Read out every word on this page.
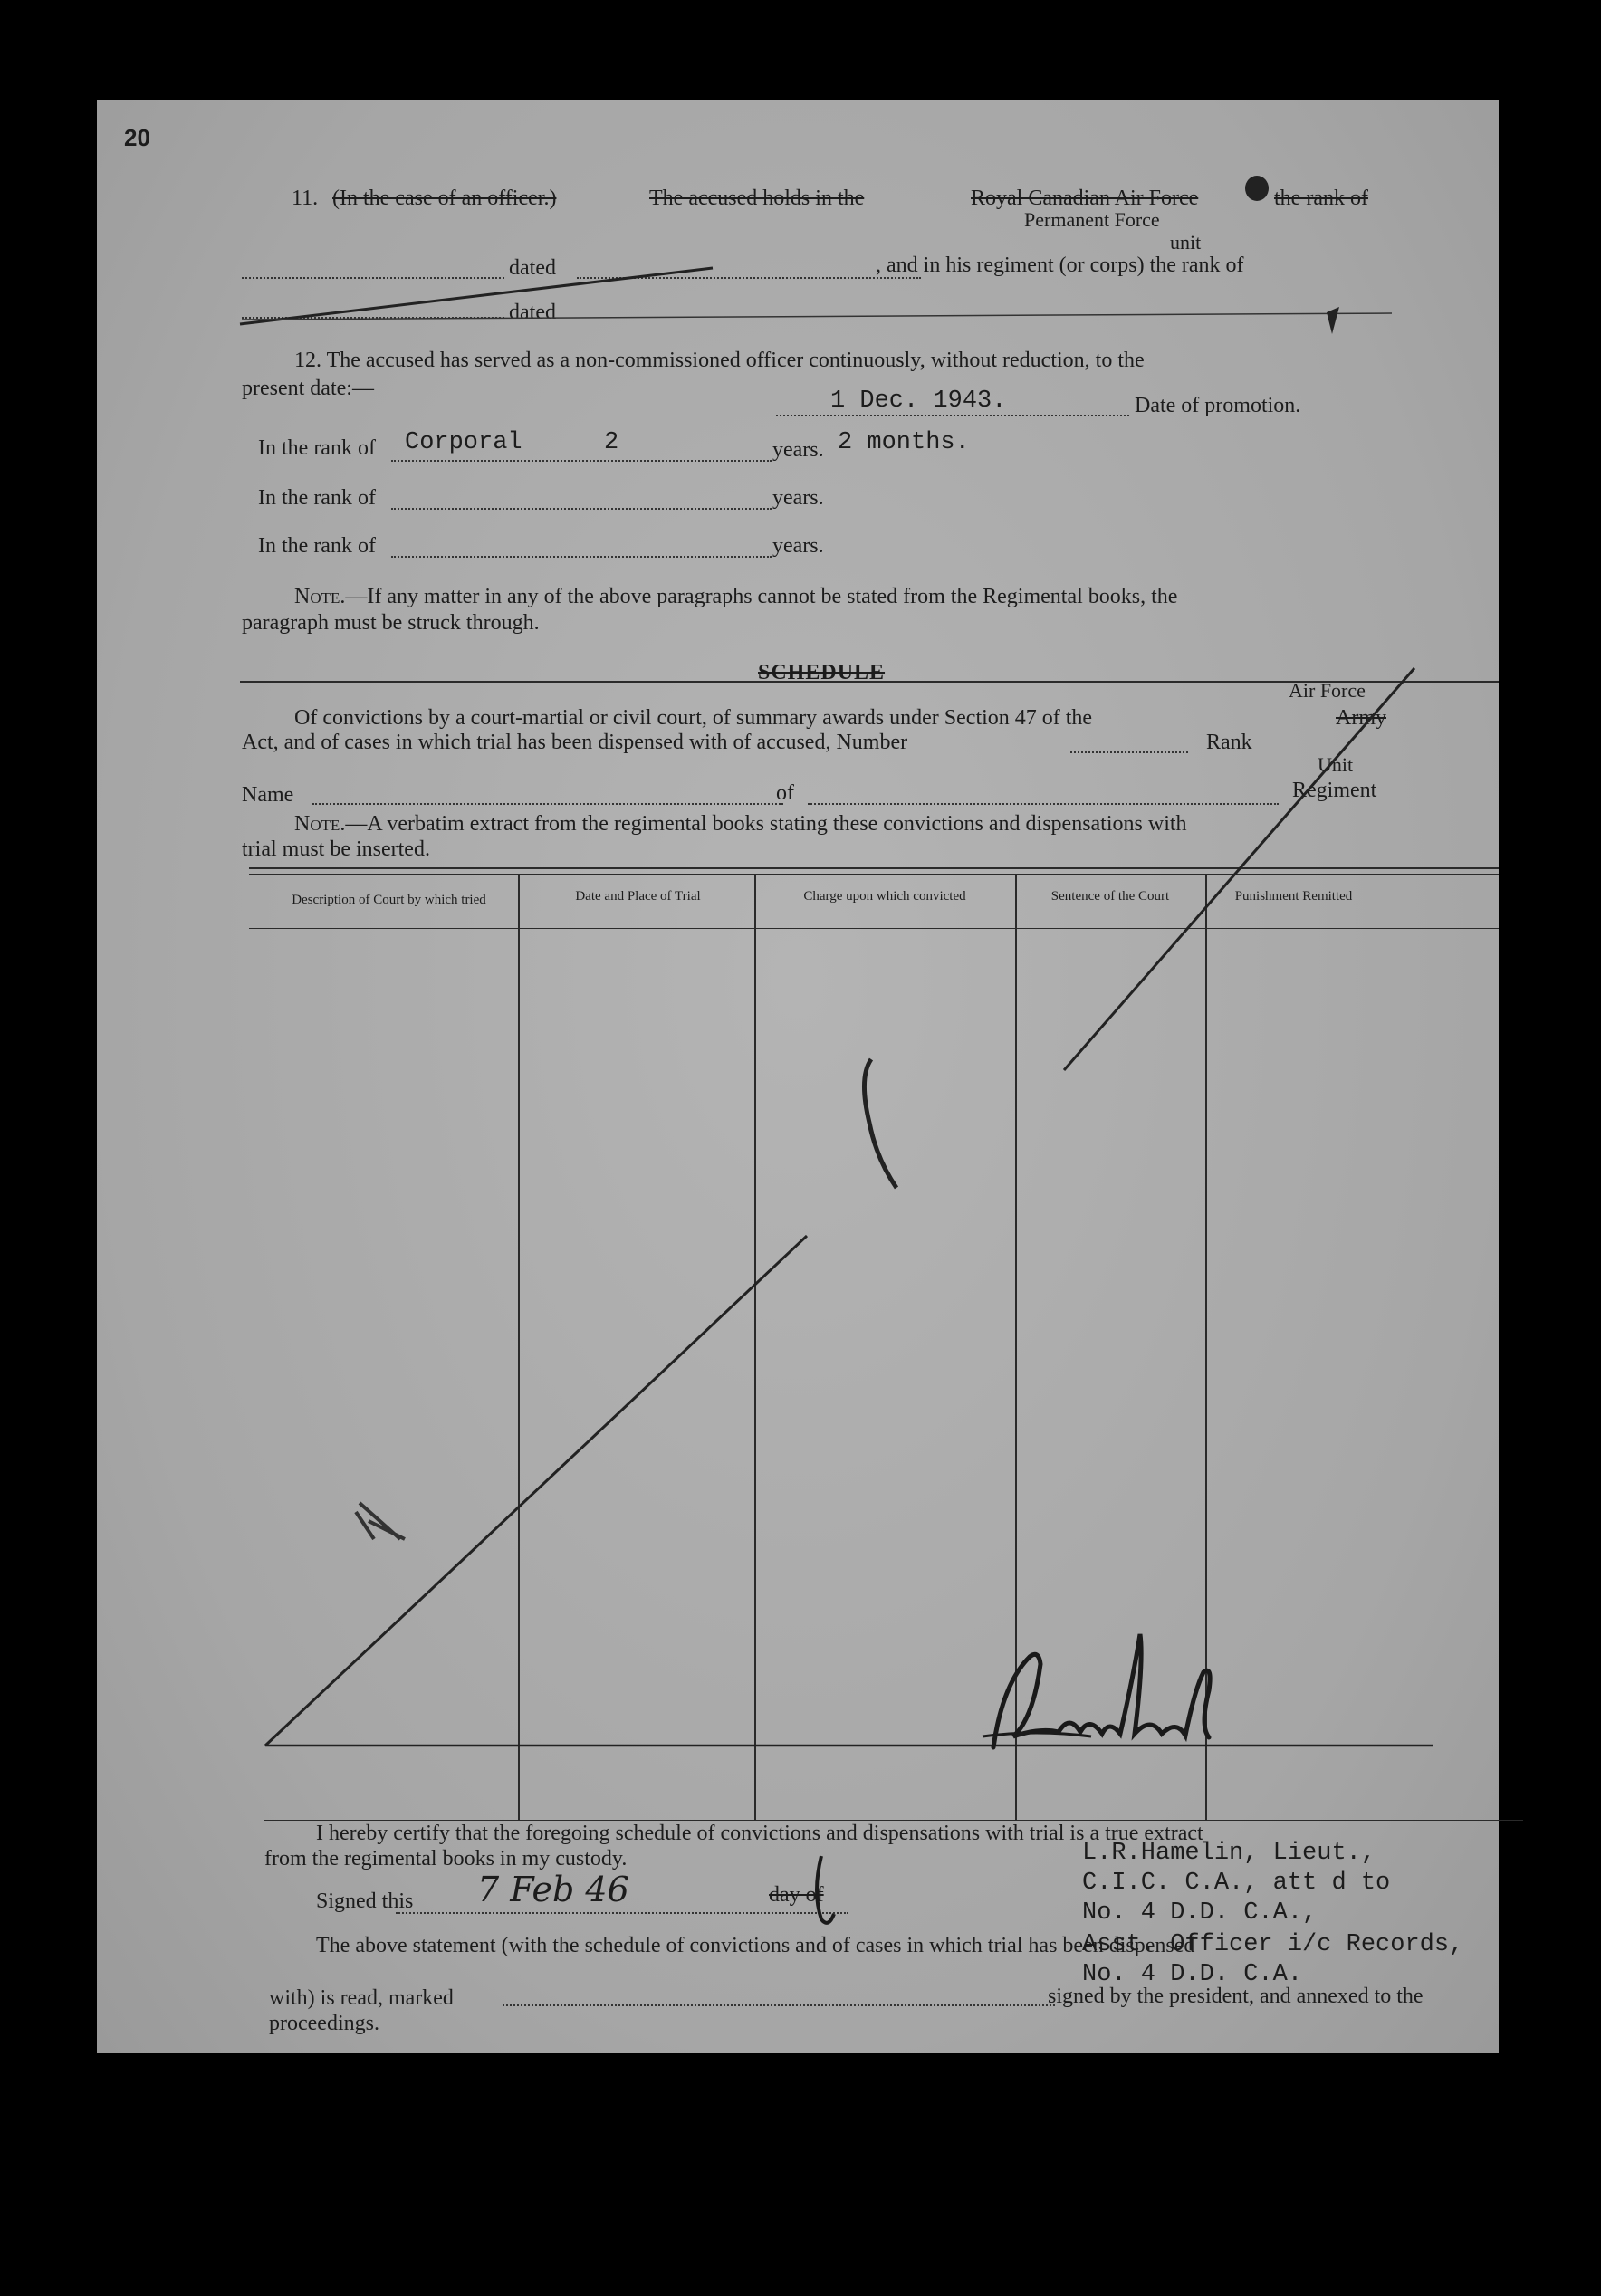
20
11. (In the case of an officer.)	The accused holds in the	Royal Canadian Air Force	the rank of
Permanent Force
unit
dated	, and in his regiment (or corps) the rank of
dated
12. The accused has served as a non-commissioned officer continuously, without reduction, to the
present date:—	1 Dec. 1943.	Date of promotion.
In the rank of Corporal	2	years. 2 months.
In the rank of	years.
In the rank of	years.
Note.—If any matter in any of the above paragraphs cannot be stated from the Regimental books, the
paragraph must be struck through.
SCHEDULE
Air Force
Of convictions by a court-martial or civil court, of summary awards under Section 47 of the	Army
Act, and of cases in which trial has been dispensed with of accused, Number	Rank
Unit
Name	of	Regiment
Note.—A verbatim extract from the regimental books stating these convictions and dispensations with
trial must be inserted.
Description of Court by which tried	Date and Place of Trial	Charge upon which convicted	Sentence of the Court	Punishment Remitted
I hereby certify that the foregoing schedule of convictions and dispensations with trial is a true extract
from the regimental books in my custody.
Signed this 7 Feb 46	day of
L.R.Hamelin, Lieut.,
C.I.C. C.A., att d to
No. 4 D.D. C.A.,
Asst. Officer i/c Records,
No. 4 D.D. C.A.
The above statement (with the schedule of convictions and of cases in which trial has been dispensed
with) is read, marked	signed by the president, and annexed to the
proceedings.
